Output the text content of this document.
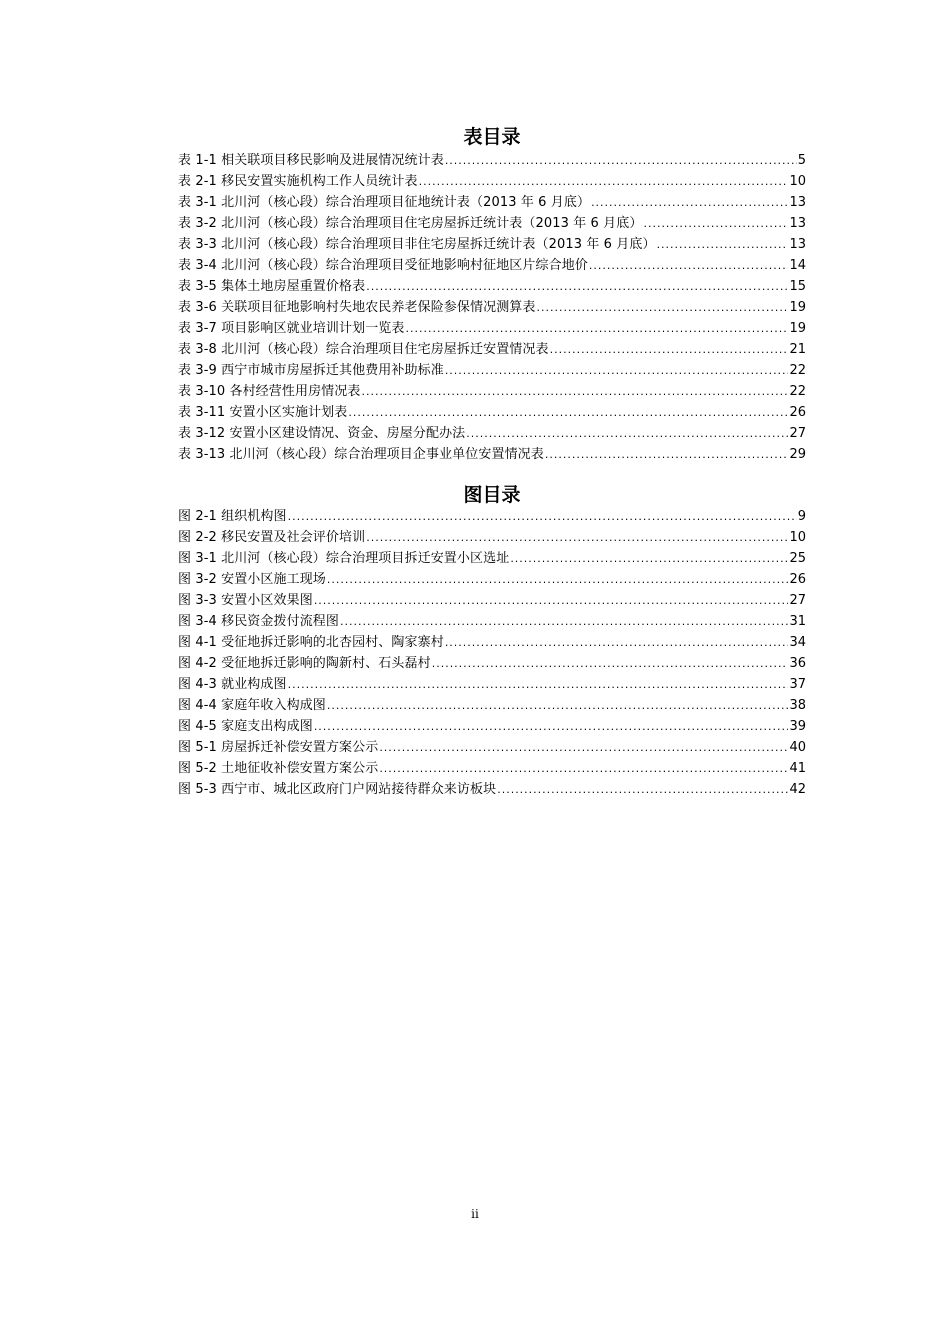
表目录
表 1-1 相关联项目移民影响及进展情况统计表 .....	5
表 2-1 移民安置实施机构工作人员统计表 .....	10
表 3-1 北川河（核心段）综合治理项目征地统计表（2013 年 6 月底） .....	13
表 3-2 北川河（核心段）综合治理项目住宅房屋拆迁统计表（2013 年 6 月底） .....	13
表 3-3 北川河（核心段）综合治理项目非住宅房屋拆迁统计表（2013 年 6 月底） .....	13
表 3-4 北川河（核心段）综合治理项目受征地影响村征地区片综合地价 .....	14
表 3-5 集体土地房屋重置价格表 .....	15
表 3-6 关联项目征地影响村失地农民养老保险参保情况测算表 .....	19
表 3-7 项目影响区就业培训计划一览表 .....	19
表 3-8 北川河（核心段）综合治理项目住宅房屋拆迁安置情况表 .....	21
表 3-9 西宁市城市房屋拆迁其他费用补助标准 .....	22
表 3-10 各村经营性用房情况表 .....	22
表 3-11 安置小区实施计划表 .....	26
表 3-12 安置小区建设情况、资金、房屋分配办法 .....	27
表 3-13 北川河（核心段）综合治理项目企事业单位安置情况表 .....	29
图目录
图 2-1 组织机构图 .....	9
图 2-2 移民安置及社会评价培训 .....	10
图 3-1 北川河（核心段）综合治理项目拆迁安置小区选址 .....	25
图 3-2 安置小区施工现场 .....	26
图 3-3 安置小区效果图 .....	27
图 3-4 移民资金拨付流程图 .....	31
图 4-1 受征地拆迁影响的北杏园村、陶家寨村 .....	34
图 4-2 受征地拆迁影响的陶新村、石头磊村 .....	36
图 4-3 就业构成图 .....	37
图 4-4 家庭年收入构成图 .....	38
图 4-5 家庭支出构成图 .....	39
图 5-1 房屋拆迁补偿安置方案公示 .....	40
图 5-2 土地征收补偿安置方案公示 .....	41
图 5-3 西宁市、城北区政府门户网站接待群众来访板块 .....	42
ii
